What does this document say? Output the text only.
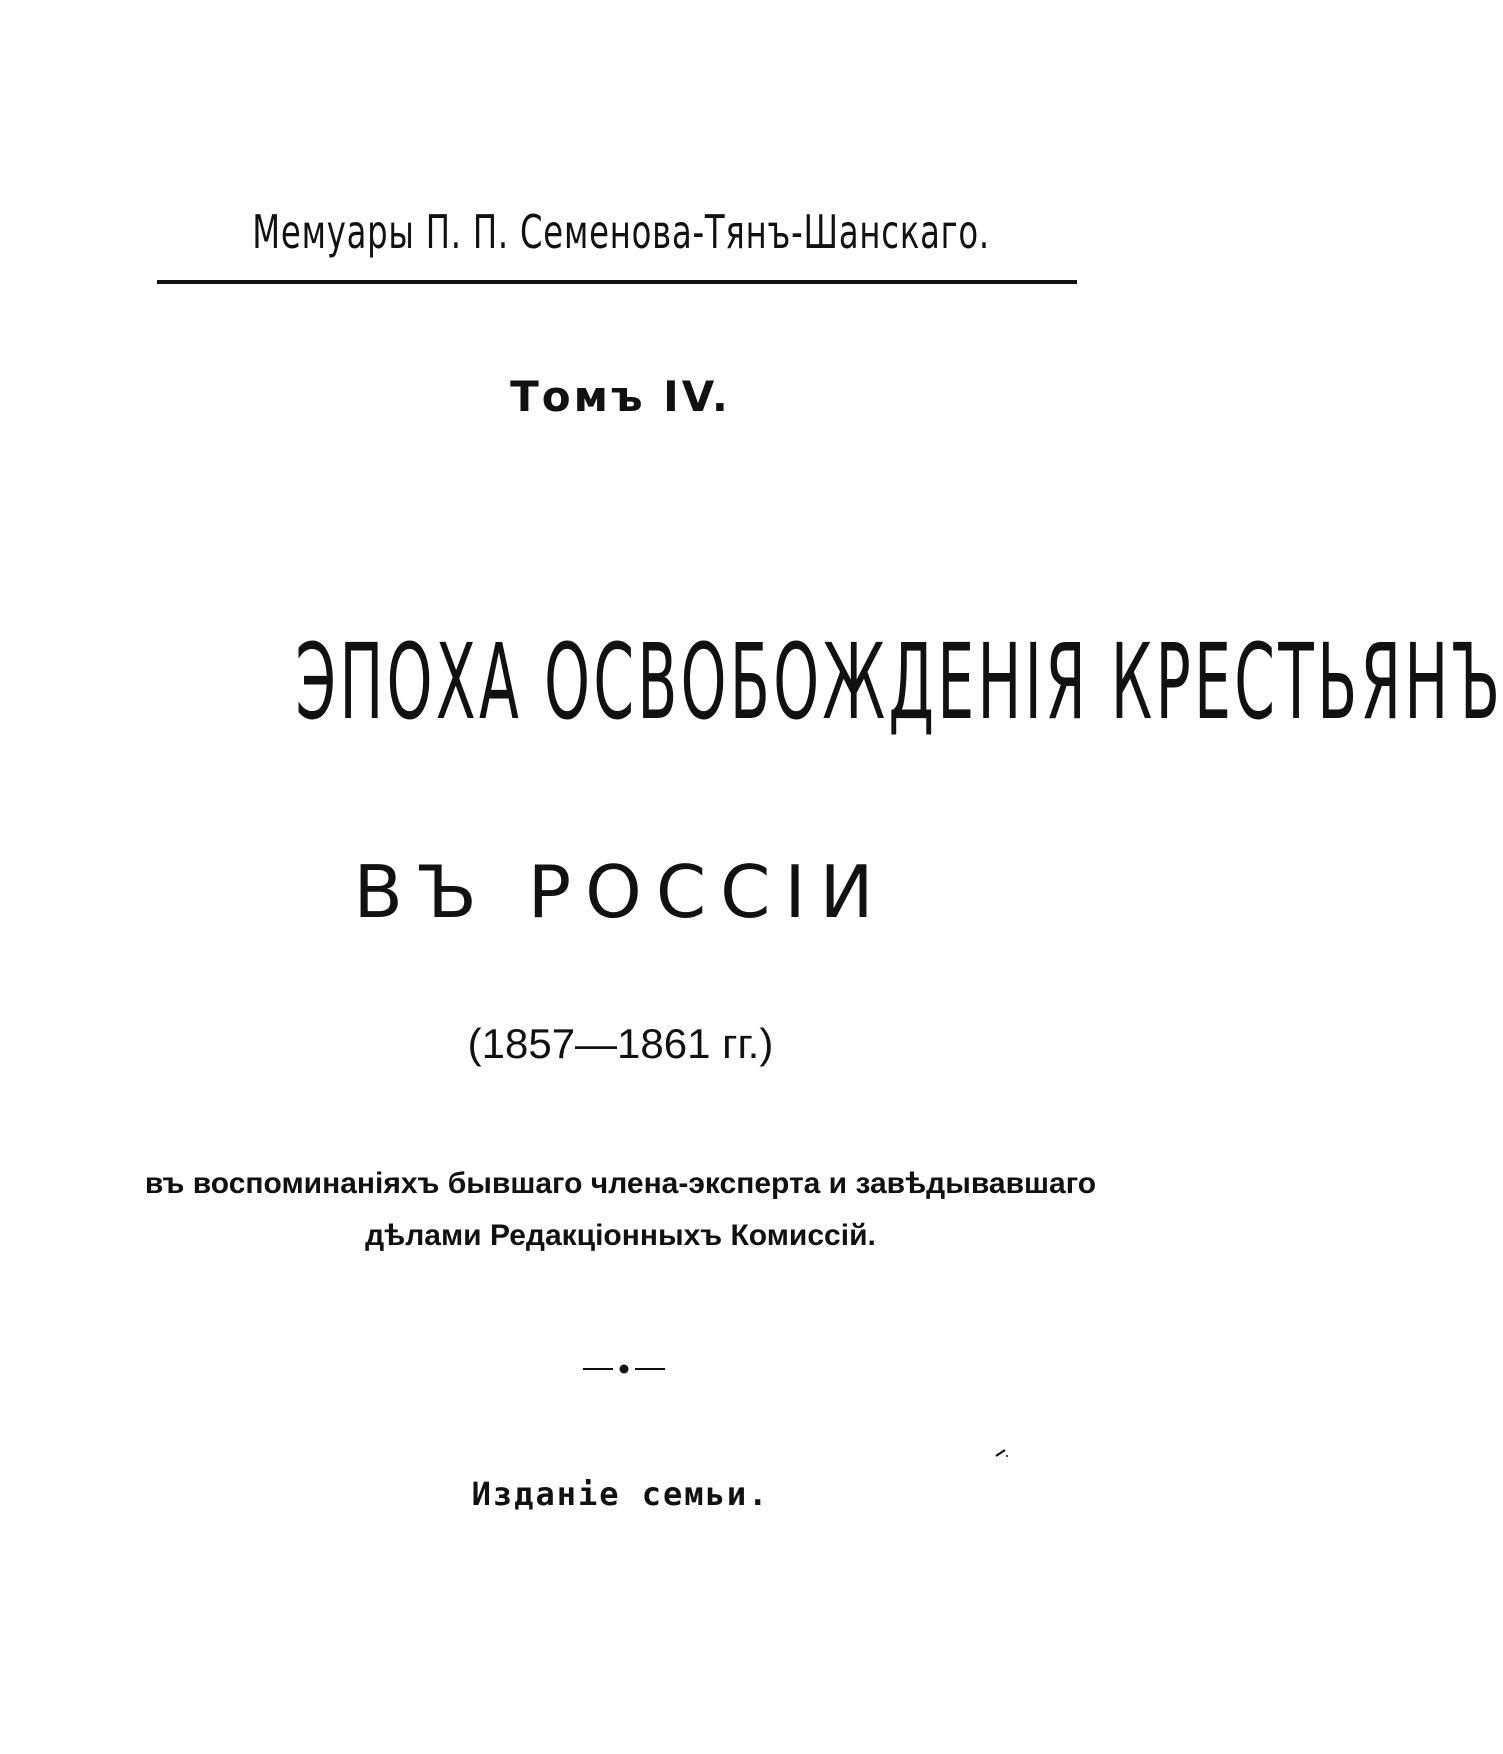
Мемуары П. П. Семенова-Тянъ-Шанскаго.
Томъ IV.
ЭПОХА ОСВОБОЖДЕНІЯ КРЕСТЬЯНЪ
ВЪ РОССІИ
(1857—1861 гг.)
въ воспоминаніяхъ бывшаго члена-эксперта и завѣдывавшаго
дѣлами Редакціонныхъ Комиссій.
Изданіе семьи.
